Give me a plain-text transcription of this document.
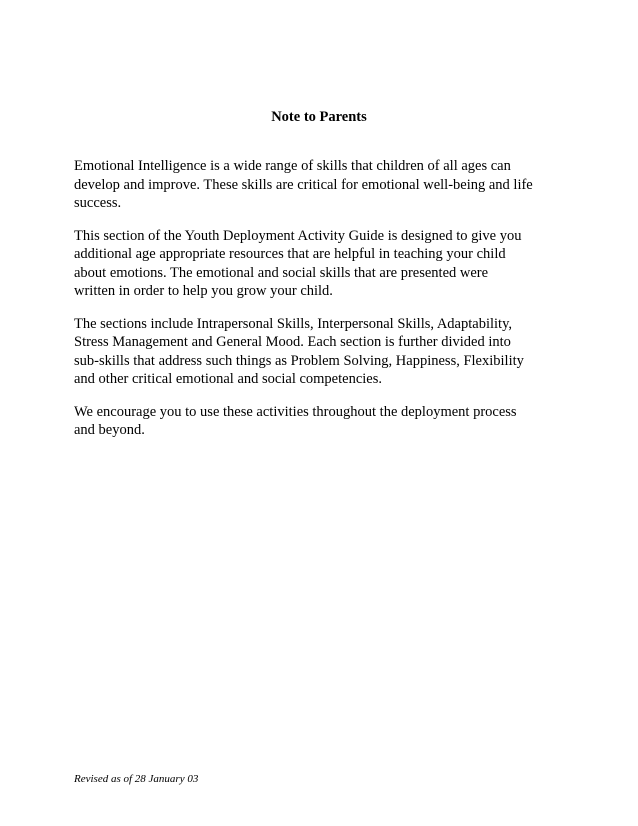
Note to Parents

Emotional Intelligence is a wide range of skills that children of all ages can
develop and improve. These skills are critical for emotional well-being and life
success.

This section of the Youth Deployment Activity Guide is designed to give you
additional age appropriate resources that are helpful in teaching your child
about emotions. The emotional and social skills that are presented were
written in order to help you grow your child.

The sections include Intrapersonal Skills, Interpersonal Skills, Adaptability,
Stress Management and General Mood. Each section is further divided into
sub-skills that address such things as Problem Solving, Happiness, Flexibility
and other critical emotional and social competencies.

We encourage you to use these activities throughout the deployment process
and beyond.

Revised as of 28 January 03
